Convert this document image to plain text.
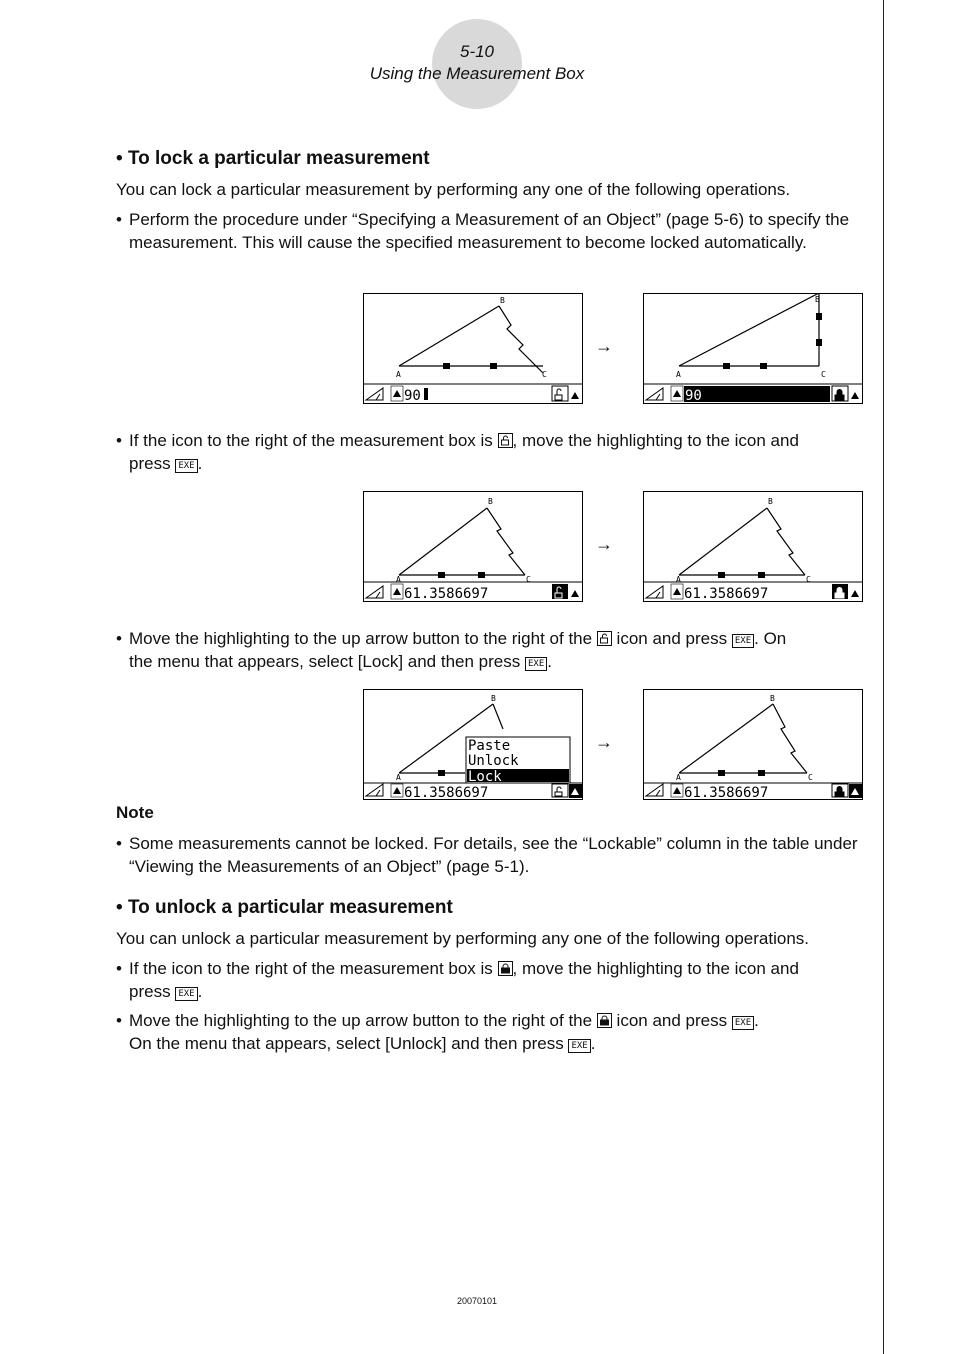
5-10
Using the Measurement Box
• To lock a particular measurement
You can lock a particular measurement by performing any one of the following operations.
• Perform the procedure under “Specifying a Measurement of an Object” (page 5-6) to specify the measurement. This will cause the specified measurement to become locked automatically.
A
B
C
90
→
A
B
C
90
• If the icon to the right of the measurement box is , move the highlighting to the icon and
press EXE .
A
B
C
61.3586697
→
A
B
C
61.3586697
• Move the highlighting to the up arrow button to the right of the icon and press EXE . On
the menu that appears, select [Lock] and then press EXE .
A
B
Paste
Unlock
Lock
61.3586697
→
A
B
C
61.3586697
Note
• Some measurements cannot be locked. For details, see the “Lockable” column in the table under “Viewing the Measurements of an Object” (page 5-1).
• To unlock a particular measurement
You can unlock a particular measurement by performing any one of the following operations.
• If the icon to the right of the measurement box is , move the highlighting to the icon and
press EXE .
• Move the highlighting to the up arrow button to the right of the icon and press EXE .
On the menu that appears, select [Unlock] and then press EXE .
20070101
